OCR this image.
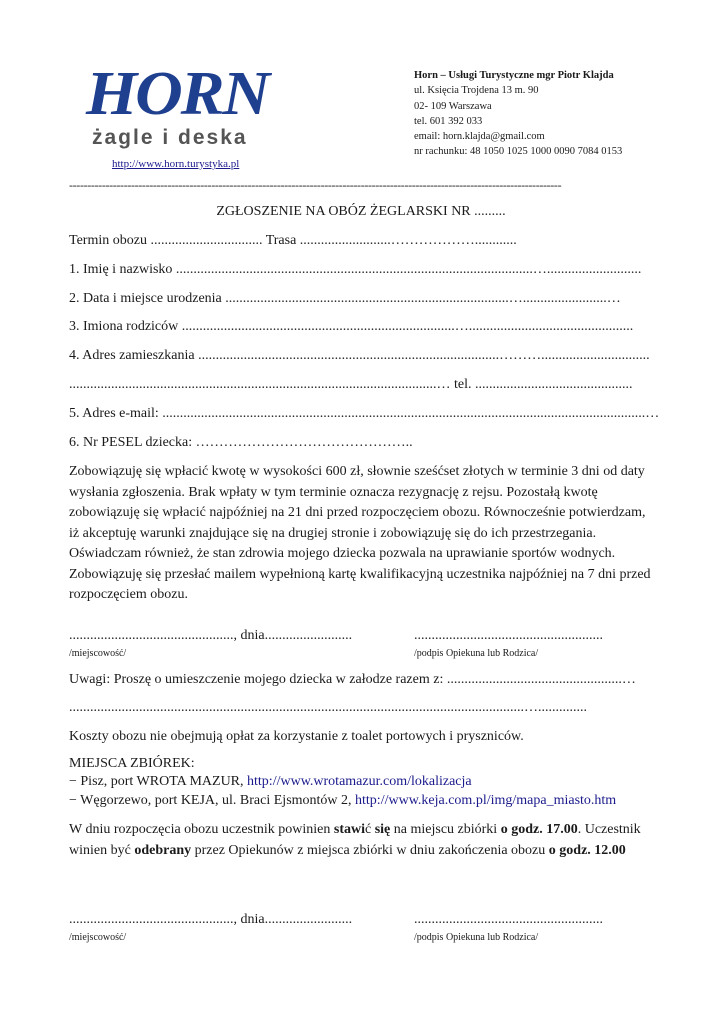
HORN
żagle i deska
http://www.horn.turystyka.pl
Horn – Usługi Turystyczne mgr Piotr Klajda
ul. Księcia Trojdena 13 m. 90
02- 109 Warszawa
tel. 601 392 033
email: horn.klajda@gmail.com
nr rachunku: 48 1050 1025 1000 0090 7084 0153
---------------------------------------------------------------------------------------------------------------------------------------
ZGŁOSZENIE NA OBÓZ ŻEGLARSKI NR .........
Termin obozu ................................ Trasa ..........................………………............
1. Imię i nazwisko ......................................................................................................…...........................
2. Data i miejsce urodzenia .................................................................................…........................…
3. Imiona rodziców ..............................................................................…...............................................
4. Adres zamieszkania ......................................................................................………...............................
.........................................................................................................… tel. .............................................
5. Adres e-mail: ..........................................................................................................................................…
6. Nr PESEL dziecka: ………………………………………..
Zobowiązuję się wpłacić kwotę w wysokości 600 zł, słownie sześćset złotych w terminie 3 dni od daty wysłania zgłoszenia. Brak wpłaty w tym terminie oznacza rezygnację z rejsu. Pozostałą kwotę zobowiązuję się wpłacić najpóźniej na 21 dni przed rozpoczęciem obozu. Równocześnie potwierdzam, iż akceptuję warunki znajdujące się na drugiej stronie i zobowiązuję się do ich przestrzegania. Oświadczam również, że stan zdrowia mojego dziecka pozwala na uprawianie sportów wodnych. Zobowiązuję się przesłać mailem wypełnioną kartę kwalifikacyjną uczestnika najpóźniej na 7 dni przed rozpoczęciem obozu.
..............................................., dnia.........................	......................................................
/miejscowość/	/podpis Opiekuna lub Rodzica/
Uwagi: Proszę o umieszczenie mojego dziecka w załodze razem z: ..................................................…
..................................................................................................................................…..............
Koszty obozu nie obejmują opłat za korzystanie z toalet portowych i pryszniców.
MIEJSCA ZBIÓREK:
− Pisz, port WROTA MAZUR, http://www.wrotamazur.com/lokalizacja
− Węgorzewo, port KEJA, ul. Braci Ejsmontów 2, http://www.keja.com.pl/img/mapa_miasto.htm
W dniu rozpoczęcia obozu uczestnik powinien stawić się na miejscu zbiórki o godz. 17.00. Uczestnik winien być odebrany przez Opiekunów z miejsca zbiórki w dniu zakończenia obozu o godz. 12.00
..............................................., dnia.........................	......................................................
/miejscowość/	/podpis Opiekuna lub Rodzica/
